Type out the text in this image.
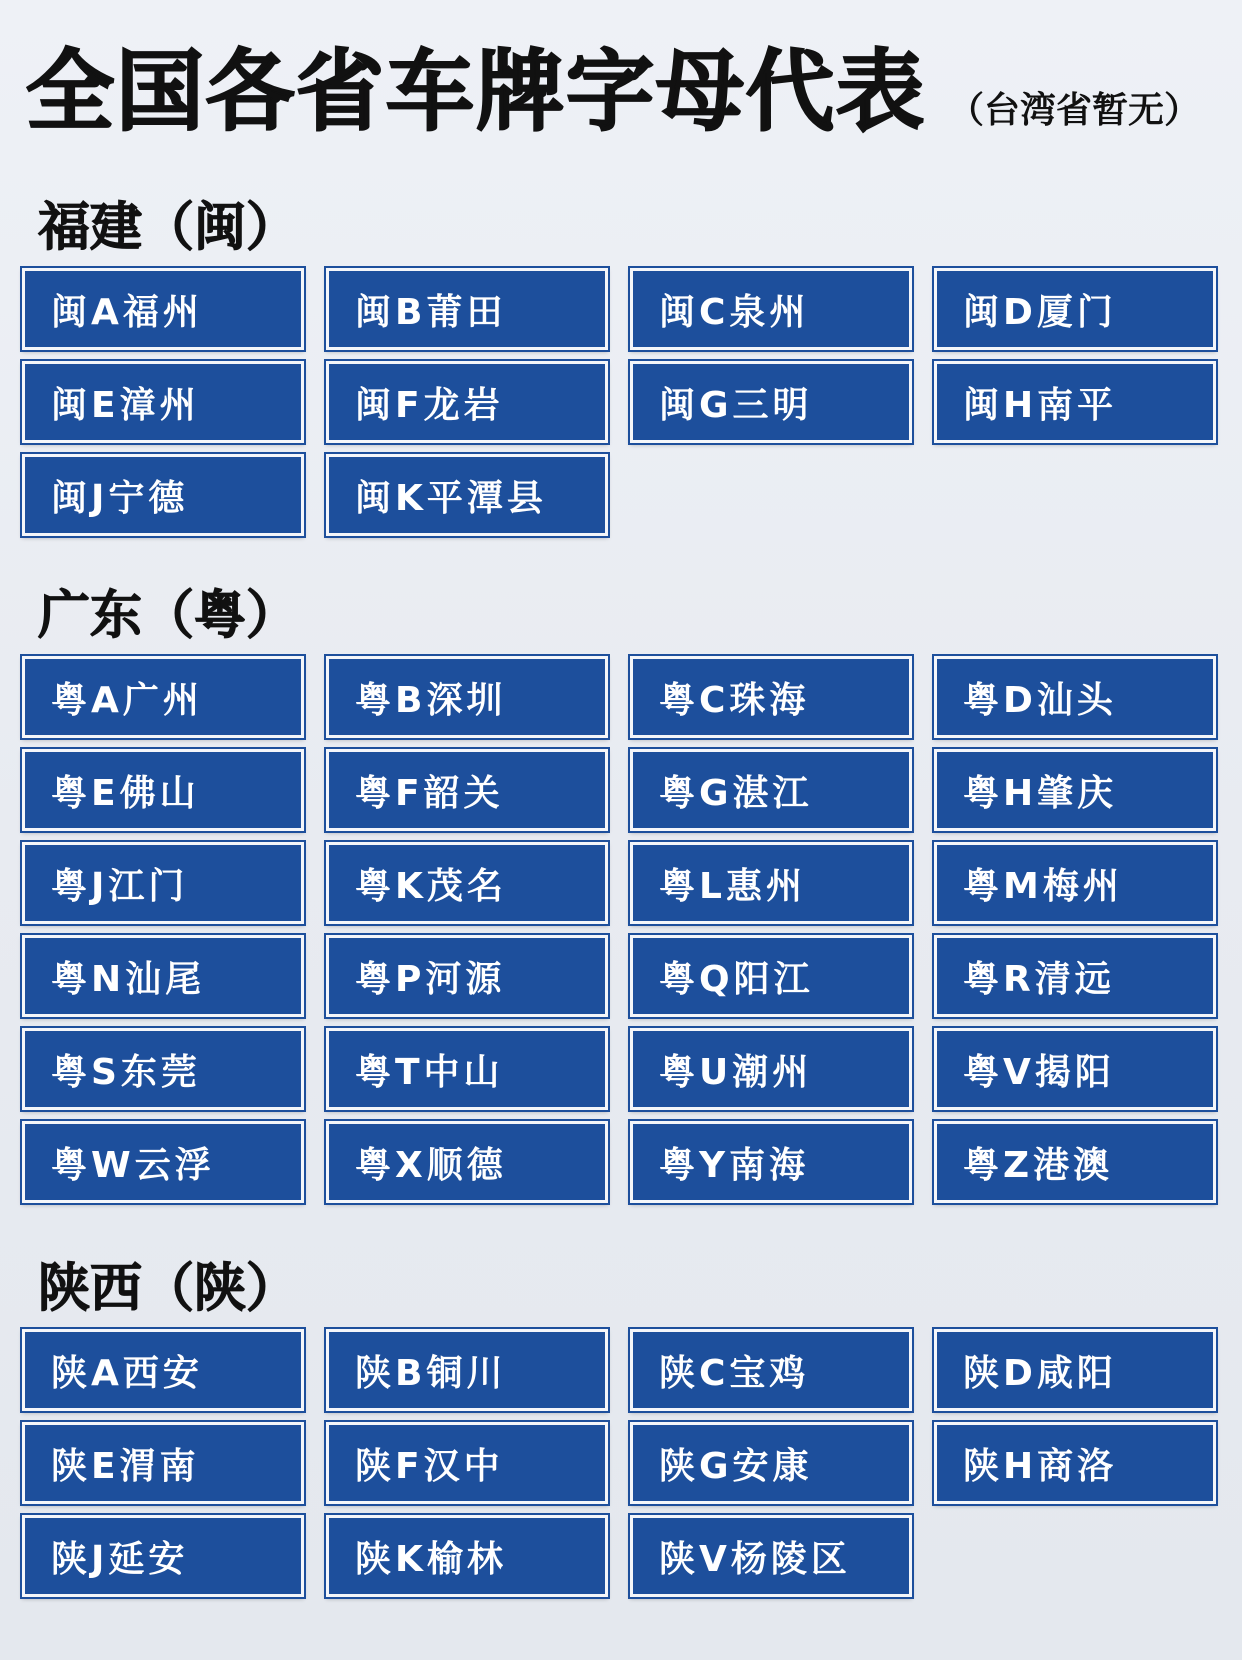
全国各省车牌字母代表 （台湾省暂无）
福建（闽）
闽A福州	闽B莆田	闽C泉州	闽D厦门
闽E漳州	闽F龙岩	闽G三明	闽H南平
闽J宁德	闽K平潭县
广东（粤）
粤A广州	粤B深圳	粤C珠海	粤D汕头
粤E佛山	粤F韶关	粤G湛江	粤H肇庆
粤J江门	粤K茂名	粤L惠州	粤M梅州
粤N汕尾	粤P河源	粤Q阳江	粤R清远
粤S东莞	粤T中山	粤U潮州	粤V揭阳
粤W云浮	粤X顺德	粤Y南海	粤Z港澳
陕西（陕）
陕A西安	陕B铜川	陕C宝鸡	陕D咸阳
陕E渭南	陕F汉中	陕G安康	陕H商洛
陕J延安	陕K榆林	陕V杨陵区
